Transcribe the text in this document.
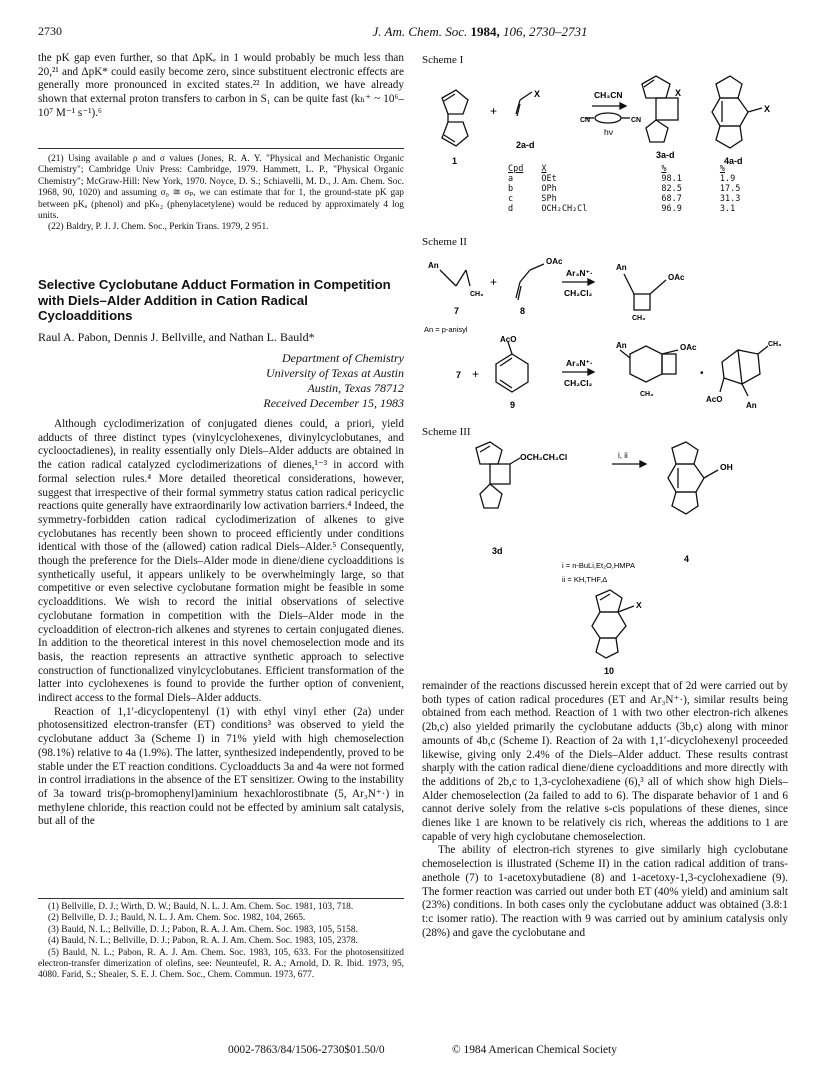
2730	J. Am. Chem. Soc. 1984, 106, 2730–2731

the pK gap even further, so that ΔpKₑ in 1 would probably be much less than 20,²¹ and ΔpK* could easily become zero, since substituent electronic effects are generally more pronounced in excited states.²² In addition, we have already shown that external proton transfers to carbon in S₁ can be quite fast (kₕ⁺ ~ 10⁶–10⁷ M⁻¹ s⁻¹).⁶

(21) Using available ρ and σ values (Jones, R. A. Y. "Physical and Mechanistic Organic Chemistry"; Cambridge Univ Press: Cambridge, 1979. Hammett, L. P., "Physical Organic Chemistry"; McGraw-Hill: New York, 1970. Noyce, D. S.; Schiavelli, M. D., J. Am. Chem. Soc. 1968, 90, 1020) and assuming σ₀ ≅ σₚ, we can estimate that for 1, the ground-state pK gap between pKₐ (phenol) and pKₕ₂ (phenylacetylene) would be reduced by approximately 4 log units.

(22) Baldry, P. J. J. Chem. Soc., Perkin Trans. 1979, 2 951.

Selective Cyclobutane Adduct Formation in Competition with Diels–Alder Addition in Cation Radical Cycloadditions
Raul A. Pabon, Dennis J. Bellville, and Nathan L. Bauld*
Department of Chemistry
University of Texas at Austin
Austin, Texas 78712
Received December 15, 1983

Although cyclodimerization of conjugated dienes could, a priori, yield adducts of three distinct types (vinylcyclohexenes, divinylcyclobutanes, and cyclooctadienes), in reality essentially only Diels–Alder adducts are obtained in the cation radical catalyzed cyclodimerizations of dienes,¹⁻³ in accord with formal selection rules.⁴ More detailed theoretical considerations, however, suggest that irrespective of their formal symmetry status cation radical pericyclic reactions quite generally have extraordinarily low activation barriers.⁴ Indeed, the symmetry-forbidden cation radical cyclodimerization of alkenes to give cyclobutanes has recently been shown to proceed efficiently under conditions identical with those of the (allowed) cation radical Diels–Alder.⁵ Consequently, though the preference for the Diels–Alder mode in diene/diene cycloadditions is synthetically useful, it appears unlikely to be overwhelmingly large, so that competitive or even selective cyclobutane formation might be feasible in some cycloadditions. We wish to record the initial observations of selective cyclobutane formation in competition with the Diels–Alder mode in the cycloaddition of electron-rich alkenes and styrenes to certain conjugated dienes. In addition to the theoretical interest in this novel chemoselection mode and its basis, the reaction represents an attractive synthetic approach to selective construction of functionalized vinylcyclobutanes. Efficient transformation of the latter into cyclohexenes is found to provide the further option of convenient, indirect access to the formal Diels–Alder adducts.

Reaction of 1,1′-dicyclopentenyl (1) with ethyl vinyl ether (2a) under photosensitized electron-transfer (ET) conditions³ was observed to yield the cyclobutane adduct 3a (Scheme I) in 71% yield with high chemoselection (98.1%) relative to 4a (1.9%). The latter, synthesized independently, proved to be stable under the ET reaction conditions. Cycloadducts 3a and 4a were not formed in control irradiations in the absence of the ET sensitizer. Owing to the instability of 3a toward tris(p-bromophenyl)aminium hexachlorostibnate (5, Ar₃N⁺·) in methylene chloride, this reaction could not be effected by aminium salt catalysis, but all of the

(1) Bellville, D. J.; Wirth, D. W.; Bauld, N. L. J. Am. Chem. Soc. 1981, 103, 718.

(2) Bellville, D. J.; Bauld, N. L. J. Am. Chem. Soc. 1982, 104, 2665.

(3) Bauld, N. L.; Bellville, D. J.; Pabon, R. A. J. Am. Chem. Soc. 1983, 105, 5158.

(4) Bauld, N. L.; Bellville, D. J.; Pabon, R. A. J. Am. Chem. Soc. 1983, 105, 2378.

(5) Bauld, N. L.; Pabon, R. A. J. Am. Chem. Soc. 1983, 105, 633. For the photosensitized electron-transfer dimerization of olefins, see: Neunteufel, R. A.; Arnold, D. R. Ibid. 1973, 95, 4080. Farid, S.; Shealer, S. E. J. Chem. Soc., Chem. Commun. 1973, 677.

Scheme I
+
X	X
X
CN	CN
CH₃CN
hν
1
2a-d
3a-d
4a-d
Cpd	X	%	%
a	OEt	98.1	1.9
b	OPh	82.5	17.5
c	SPh	68.7	31.3
d	OCH₂CH₂Cl	96.9	3.1
Scheme II
An
CH₃
OAc
+
Ar₃N⁺·
CH₂Cl₂
An
OAc
CH₃
7	8
An = p-anisyl
7 +
AcO
9
Ar₃N⁺·
CH₂Cl₂
An	OAc
CH₃
•
CH₃
AcO
An
Scheme III
OCH₂CH₂Cl	i, ii
OH
3d
4
i = n-BuLi,Et₂O,HMPA
ii = KH,THF,Δ
X
10

remainder of the reactions discussed herein except that of 2d were carried out by both types of cation radical procedures (ET and Ar₃N⁺·), similar results being obtained from each method. Reaction of 1 with two other electron-rich alkenes (2b,c) also yielded primarily the cyclobutane adducts (3b,c) along with minor amounts of 4b,c (Scheme I). Reaction of 2a with 1,1′-dicyclohexenyl proceeded likewise, giving only 2.4% of the Diels–Alder adduct. These results contrast sharply with the cation radical diene/diene cycloadditions and more directly with the additions of 2b,c to 1,3-cyclohexadiene (6),³ all of which show high Diels–Alder chemoselection (2a failed to add to 6). The disparate behavior of 1 and 6 cannot derive solely from the relative s-cis populations of these dienes, since dienes like 1 are known to be relatively cis rich, whereas the additions to 1 are capable of very high cyclobutane chemoselection.

The ability of electron-rich styrenes to give similarly high cyclobutane chemoselection is illustrated (Scheme II) in the cation radical addition of trans-anethole (7) to 1-acetoxybutadiene (8) and 1-acetoxy-1,3-cyclohexadiene (9). The former reaction was carried out under both ET (40% yield) and aminium salt (23%) conditions. In both cases only the cyclobutane adduct was obtained (3.8:1 t:c isomer ratio). The reaction with 9 was carried out by aminium catalysis only (28%) and gave the cyclobutane and

0002-7863/84/1506-2730$01.50/0	© 1984 American Chemical Society
